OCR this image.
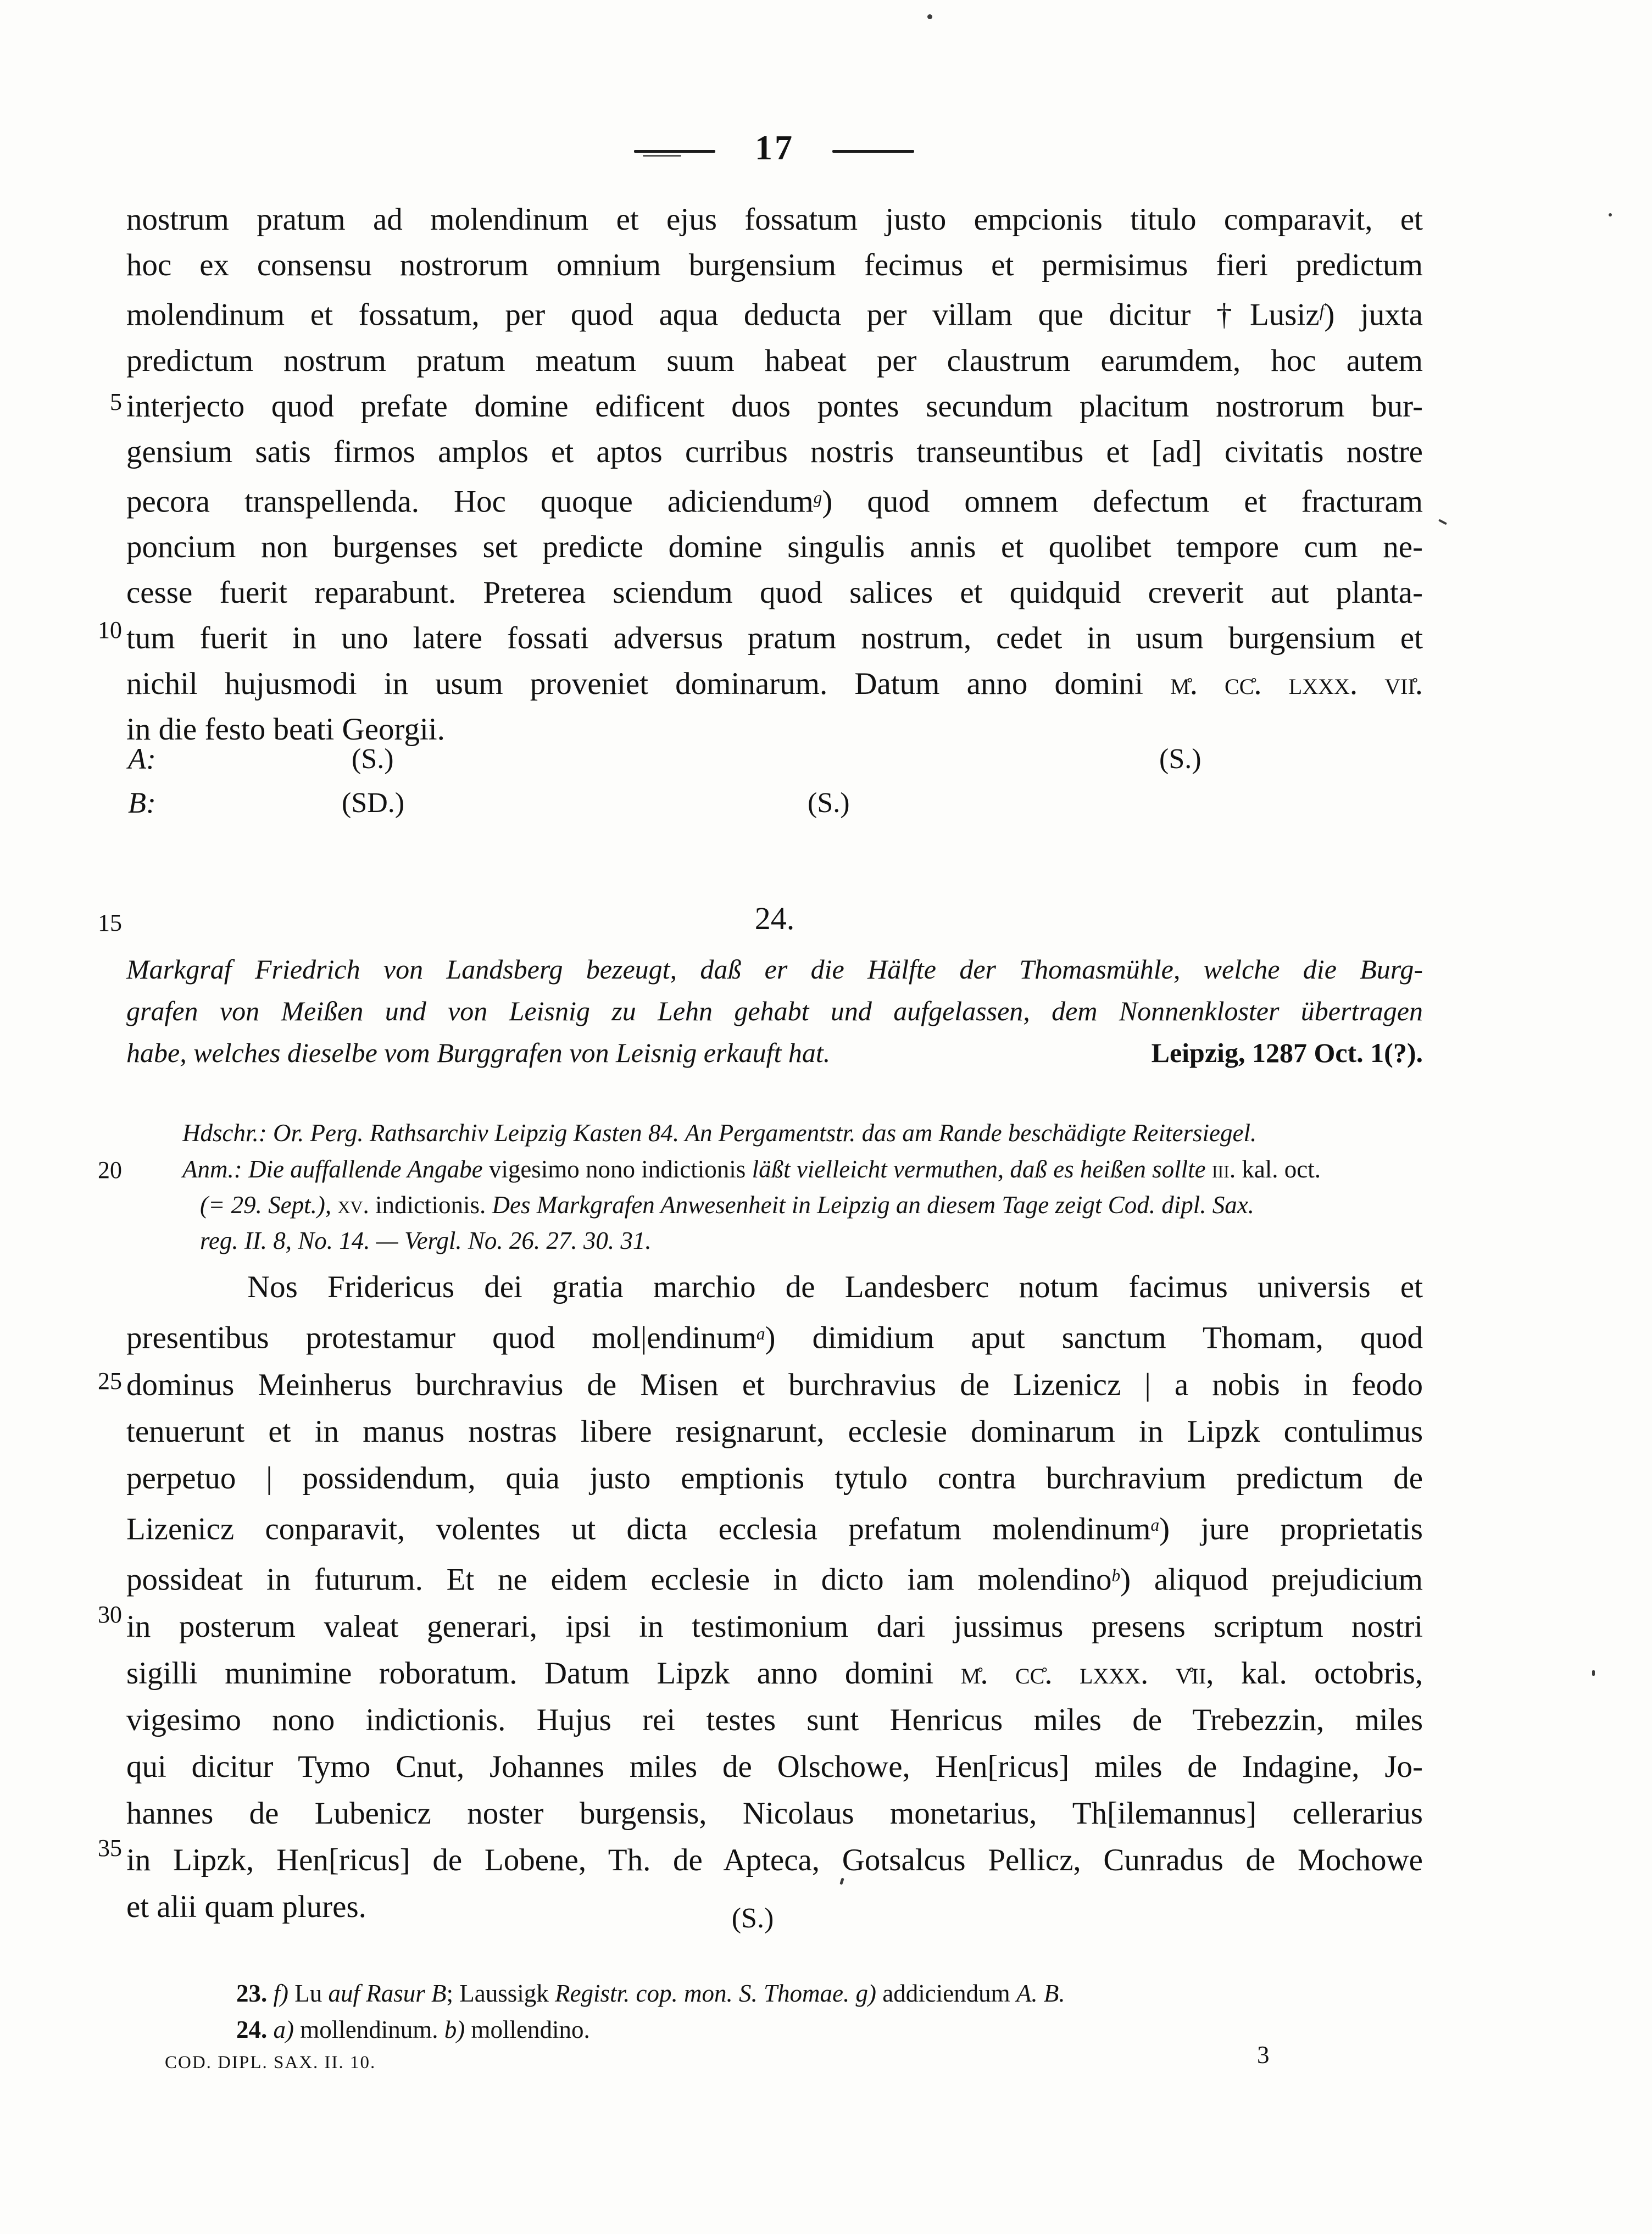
17
5
10
15
20
25
30
35
nostrum pratum ad molendinum et ejus fossatum justo empcionis titulo comparavit, et
hoc ex consensu nostrorum omnium burgensium fecimus et permisimus fieri predictum
molendinum et fossatum, per quod aqua deducta per villam que dicitur †Lusiz$^f$) juxta
predictum nostrum pratum meatum suum habeat per claustrum earumdem, hoc autem
interjecto quod prefate domine edificent duos pontes secundum placitum nostrorum bur-
gensium satis firmos amplos et aptos curribus nostris transeuntibus et [ad] civitatis nostre
pecora transpellenda. Hoc quoque adiciendum$^g$) quod omnem defectum et fracturam
poncium non burgenses set predicte domine singulis annis et quolibet tempore cum ne-
cesse fuerit reparabunt. Preterea sciendum quod salices et quidquid creverit aut planta-
tum fuerit in uno latere fossati adversus pratum nostrum, cedet in usum burgensium et
nichil hujusmodi in usum proveniet dominarum. Datum anno domini m̊. cc̊. lxxx. vii̊.
in die festo beati Georgii.
A:	(S.)	(S.)
B:	(SD.)	(S.)
24.
Markgraf Friedrich von Landsberg bezeugt, daß er die Hälfte der Thomasmühle, welche die Burg-
grafen von Meißen und von Leisnig zu Lehn gehabt und aufgelassen, dem Nonnenkloster übertragen
habe, welches dieselbe vom Burggrafen von Leisnig erkauft hat.	Leipzig, 1287 Oct. 1(?).
Hdschr.: Or. Perg. Rathsarchiv Leipzig Kasten 84. An Pergamentstr. das am Rande beschädigte Reitersiegel.
Anm.: Die auffallende Angabe vigesimo nono indictionis läßt vielleicht vermuthen, daß es heißen sollte iii. kal. oct.
(= 29. Sept.), xv. indictionis. Des Markgrafen Anwesenheit in Leipzig an diesem Tage zeigt Cod. dipl. Sax.
reg. II. 8, No. 14. — Vergl. No. 26. 27. 30. 31.
Nos Fridericus dei gratia marchio de Landesberc notum facimus universis et
presentibus protestamur quod mol|endinum$^a$) dimidium aput sanctum Thomam, quod
dominus Meinherus burchravius de Misen et burchravius de Lizenicz | a nobis in feodo
tenuerunt et in manus nostras libere resignarunt, ecclesie dominarum in Lipzk contulimus
perpetuo | possidendum, quia justo emptionis tytulo contra burchravium predictum de
Lizenicz conparavit, volentes ut dicta ecclesia prefatum molendinum$^a$) jure proprietatis
possideat in futurum. Et ne eidem ecclesie in dicto iam molendino$^b$) aliquod prejudicium
in posterum valeat generari, ipsi in testimonium dari jussimus presens scriptum nostri
sigilli munimine roboratum. Datum Lipzk anno domini m̊. cc̊. lxxx. v̊ii, kal. octobris,
vigesimo nono indictionis. Hujus rei testes sunt Henricus miles de Trebezzin, miles
qui dicitur Tymo Cnut, Johannes miles de Olschowe, Hen[ricus] miles de Indagine, Jo-
hannes de Lubenicz noster burgensis, Nicolaus monetarius, Th[ilemannus] cellerarius
in Lipzk, Hen[ricus] de Lobene, Th. de Apteca, Gotsalcus Pellicz, Cunradus de Mochowe
et alii quam plures.	(S.)
23. f) Lu auf Rasur B; Laussigk Registr. cop. mon. S. Thomae. g) addiciendum A. B.
24. a) mollendinum. b) mollendino.
COD. DIPL. SAX. II. 10.	3
